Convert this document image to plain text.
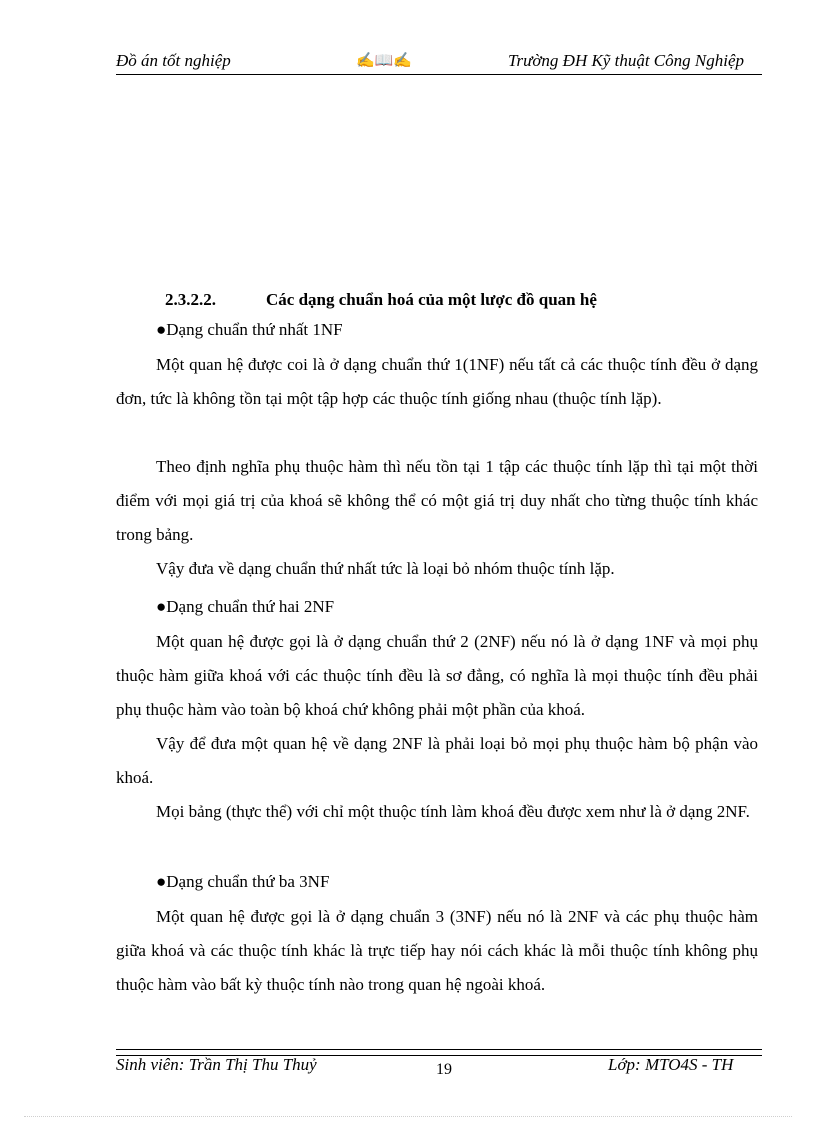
Đồ án tốt nghiệp	✍📖✍	Trường ĐH Kỹ thuật Công Nghiệp
2.3.2.2.	Các dạng chuẩn hoá của một lược đồ quan hệ
●Dạng chuẩn thứ nhất 1NF
Một quan hệ được coi là ở dạng chuẩn thứ 1(1NF) nếu tất cả các thuộc tính đều ở dạng đơn, tức là không tồn tại một tập hợp các thuộc tính giống nhau (thuộc tính lặp).
Theo định nghĩa phụ thuộc hàm thì nếu tồn tại 1 tập các thuộc tính lặp thì tại một thời điểm với mọi giá trị của khoá sẽ không thể có một giá trị duy nhất cho từng thuộc tính khác trong bảng.
Vậy đưa về dạng chuẩn thứ nhất tức là loại bỏ nhóm thuộc tính lặp.
●Dạng chuẩn thứ hai 2NF
Một quan hệ được gọi là ở dạng chuẩn thứ 2 (2NF) nếu nó là ở dạng 1NF và mọi phụ thuộc hàm giữa khoá với các thuộc tính đều là sơ đẳng, có nghĩa là mọi thuộc tính đều phải phụ thuộc hàm vào toàn bộ khoá chứ không phải một phần của khoá.
Vậy để đưa một quan hệ về dạng 2NF là phải loại bỏ mọi phụ thuộc hàm bộ phận vào khoá.
Mọi bảng (thực thể) với chỉ một thuộc tính làm khoá đều được xem như là ở dạng 2NF.
●Dạng chuẩn thứ ba 3NF
Một quan hệ được gọi là ở dạng chuẩn 3 (3NF) nếu nó là 2NF và các phụ thuộc hàm giữa khoá và các thuộc tính khác là trực tiếp hay nói cách khác là mỗi thuộc tính không phụ thuộc hàm vào bất kỳ thuộc tính nào trong quan hệ ngoài khoá.
Sinh viên: Trần Thị Thu Thuỷ	19	Lớp: MTO4S - TH
